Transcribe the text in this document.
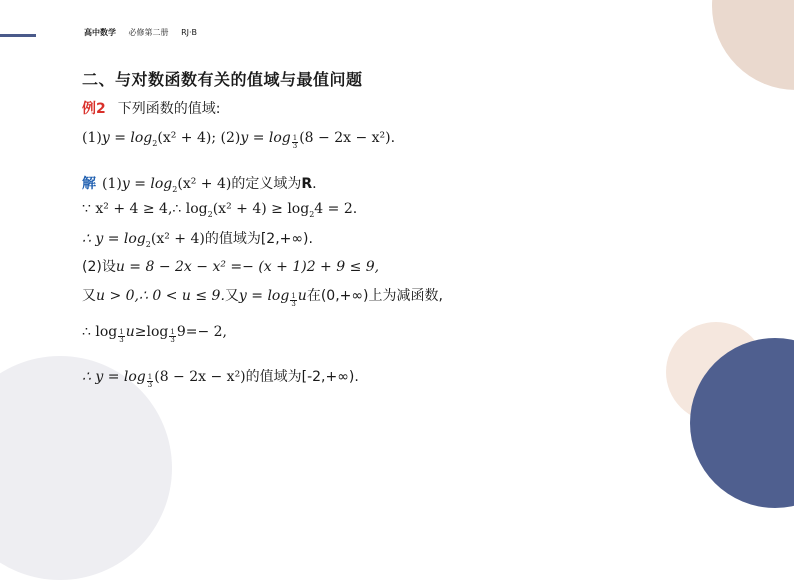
高中数学 必修第二册 RJ·B
二、与对数函数有关的值域与最值问题
例2 下列函数的值域:
$(1)y = \log_2(x^2 + 4)$; $(2)y = \log \frac{1}{3} (8 - 2x - x^2)$.
解 $(1)y = \log_2(x^2 + 4)$的定义域为R.
∵ x² + 4 ≥ 4,∴ $\log_2(x^2 + 4) \ge \log_24 = 2$.
∴ $y = \log_2(x^2 + 4)$的值域为[2,+∞).
(2)设u = 8 − 2x − x² =− (x + 1)2 + 9 ≤ 9,
又u > 0,∴ 0 < u ≤ 9.又$y = \log \frac{1}{3}$ u在(0,+∞)上为减函数,
∴ $\log \frac{1}{3} u\ge\log \frac{1}{3} 9=- 2$,
∴ $y = \log \frac{1}{3} (8 - 2x - x^2)$的值域为[-2,+∞).
